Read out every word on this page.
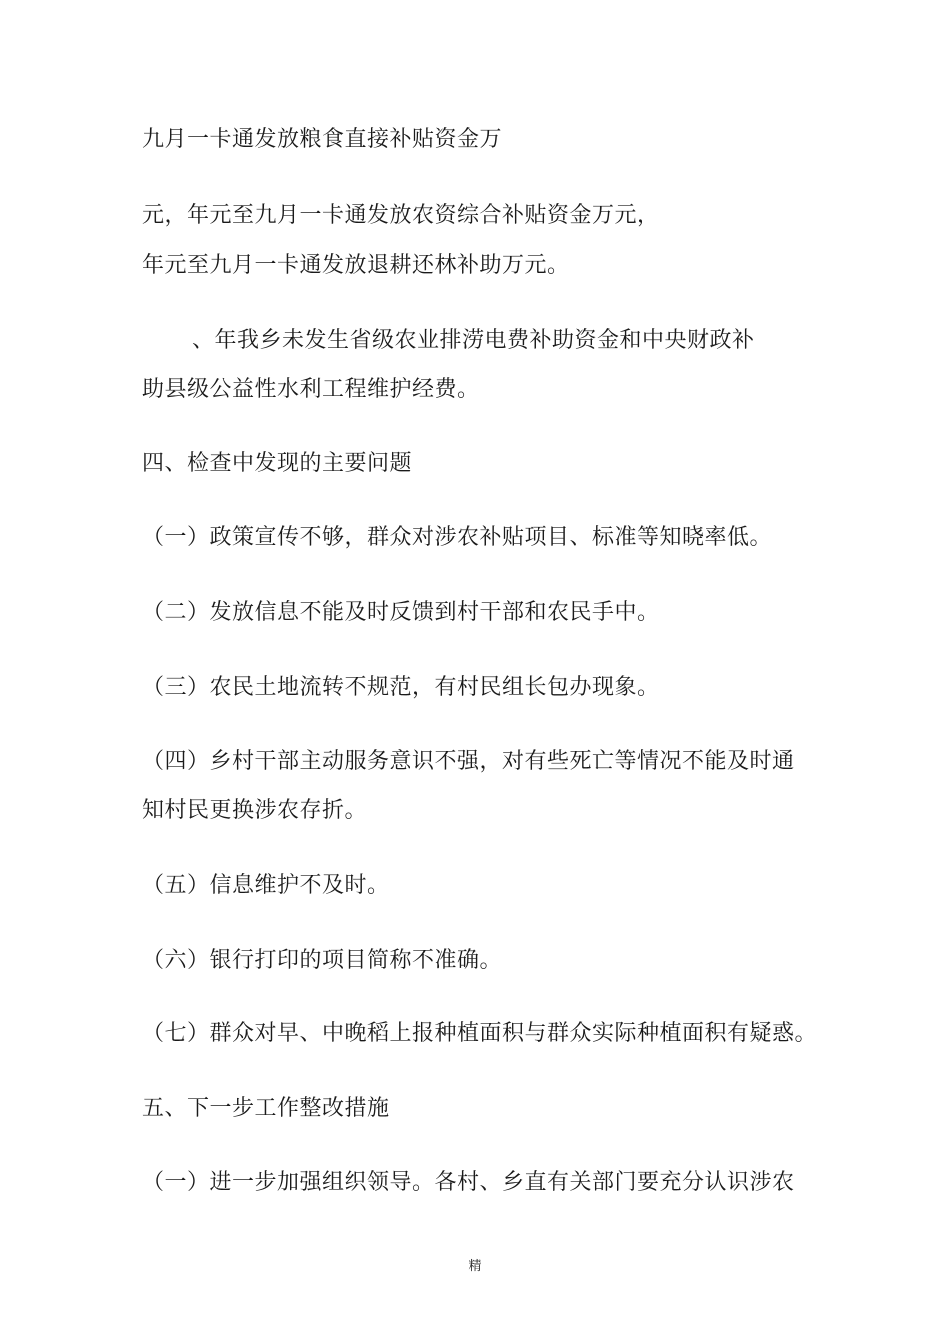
九月一卡通发放粮食直接补贴资金万
元，年元至九月一卡通发放农资综合补贴资金万元，
年元至九月一卡通发放退耕还林补助万元。
、年我乡未发生省级农业排涝电费补助资金和中央财政补
助县级公益性水利工程维护经费。
四、检查中发现的主要问题
（一）政策宣传不够，群众对涉农补贴项目、标准等知晓率低。
（二）发放信息不能及时反馈到村干部和农民手中。
（三）农民土地流转不规范，有村民组长包办现象。
（四）乡村干部主动服务意识不强，对有些死亡等情况不能及时通
知村民更换涉农存折。
（五）信息维护不及时。
（六）银行打印的项目简称不准确。
（七）群众对早、中晚稻上报种植面积与群众实际种植面积有疑惑。
五、下一步工作整改措施
（一）进一步加强组织领导。各村、乡直有关部门要充分认识涉农
精
